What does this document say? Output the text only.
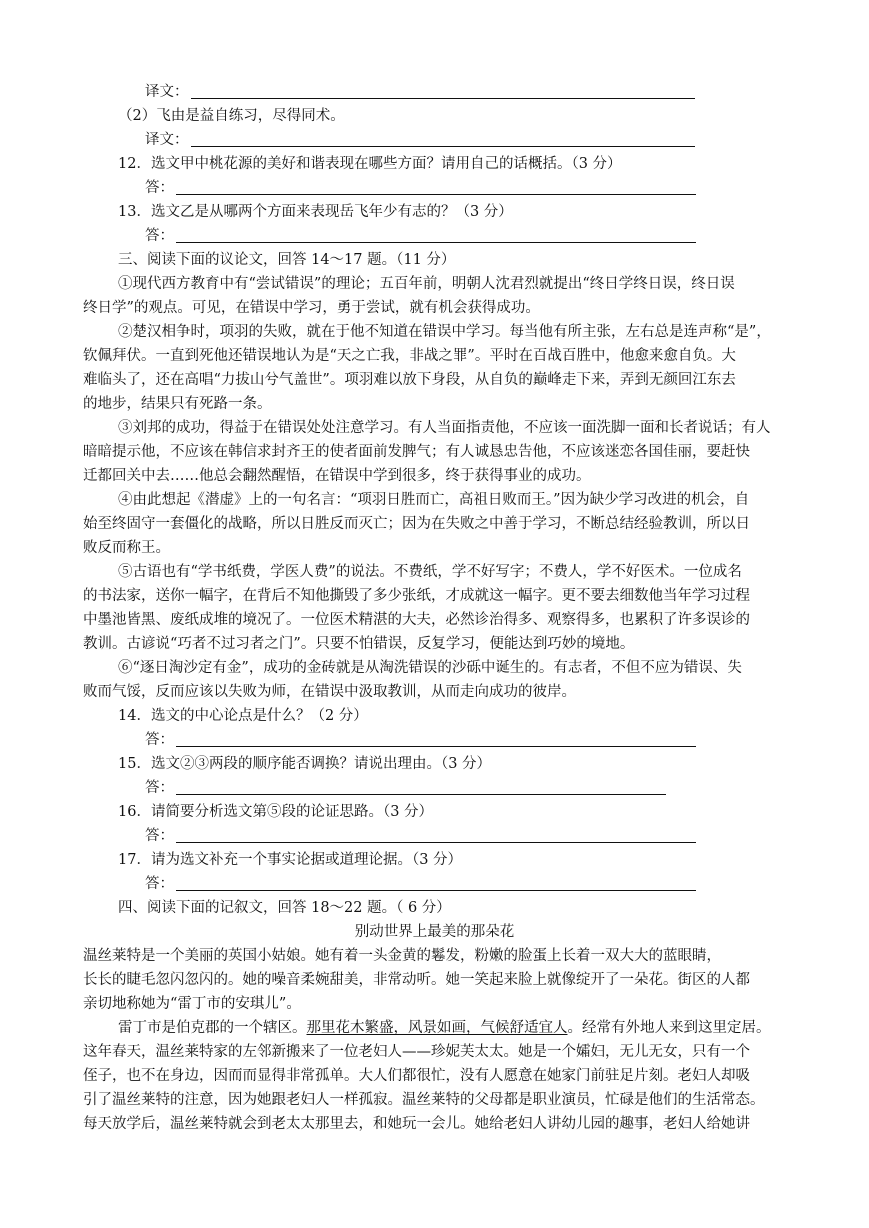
译文：
（2）飞由是益自练习，尽得同术。
译文：
12．选文甲中桃花源的美好和谐表现在哪些方面？请用自己的话概括。（3 分）
答：
13．选文乙是从哪两个方面来表现岳飞年少有志的？（3 分）
答：
三、阅读下面的议论文，回答 14～17 题。（11 分）
①现代西方教育中有“尝试错误”的理论；五百年前，明朝人沈君烈就提出“终日学终日误，终日误
终日学”的观点。可见，在错误中学习，勇于尝试，就有机会获得成功。
②楚汉相争时，项羽的失败，就在于他不知道在错误中学习。每当他有所主张，左右总是连声称“是”，
钦佩拜伏。一直到死他还错误地认为是“天之亡我，非战之罪”。平时在百战百胜中，他愈来愈自负。大
难临头了，还在高唱“力拔山兮气盖世”。项羽难以放下身段，从自负的巅峰走下来，弄到无颜回江东去
的地步，结果只有死路一条。
③刘邦的成功，得益于在错误处处注意学习。有人当面指责他，不应该一面洗脚一面和长者说话；有人
暗暗提示他，不应该在韩信求封齐王的使者面前发脾气；有人诚恳忠告他，不应该迷恋各国佳丽，要赶快
迁都回关中去……他总会翻然醒悟，在错误中学到很多，终于获得事业的成功。
④由此想起《潜虚》上的一句名言：“项羽日胜而亡，高祖日败而王。”因为缺少学习改进的机会，自
始至终固守一套僵化的战略，所以日胜反而灭亡；因为在失败之中善于学习，不断总结经验教训，所以日
败反而称王。
⑤古语也有“学书纸费，学医人费”的说法。不费纸，学不好写字；不费人，学不好医术。一位成名
的书法家，送你一幅字，在背后不知他撕毁了多少张纸，才成就这一幅字。更不要去细数他当年学习过程
中墨池皆黑、废纸成堆的境况了。一位医术精湛的大夫，必然诊治得多、观察得多，也累积了许多误诊的
教训。古谚说“巧者不过习者之门”。只要不怕错误，反复学习，便能达到巧妙的境地。
⑥“逐日淘沙定有金”，成功的金砖就是从淘洗错误的沙砾中诞生的。有志者，不但不应为错误、失
败而气馁，反而应该以失败为师，在错误中汲取教训，从而走向成功的彼岸。
14．选文的中心论点是什么？（2 分）
答：
15．选文②③两段的顺序能否调换？请说出理由。（3 分）
答：
16．请简要分析选文第⑤段的论证思路。（3 分）
答：
17．请为选文补充一个事实论据或道理论据。（3 分）
答：
四、阅读下面的记叙文，回答 18～22 题。（ 6 分）
别动世界上最美的那朵花
温丝莱特是一个美丽的英国小姑娘。她有着一头金黄的鬈发，粉嫩的脸蛋上长着一双大大的蓝眼睛，
长长的睫毛忽闪忽闪的。她的噪音柔婉甜美，非常动听。她一笑起来脸上就像绽开了一朵花。街区的人都
亲切地称她为“雷丁市的安琪儿”。
雷丁市是伯克郡的一个辖区。那里花木繁盛，风景如画，气候舒适宜人。经常有外地人来到这里定居。
这年春天，温丝莱特家的左邻新搬来了一位老妇人——珍妮芙太太。她是一个孀妇，无儿无女，只有一个
侄子，也不在身边，因而而显得非常孤单。大人们都很忙，没有人愿意在她家门前驻足片刻。老妇人却吸
引了温丝莱特的注意，因为她跟老妇人一样孤寂。温丝莱特的父母都是职业演员，忙碌是他们的生活常态。
每天放学后，温丝莱特就会到老太太那里去，和她玩一会儿。她给老妇人讲幼儿园的趣事，老妇人给她讲
